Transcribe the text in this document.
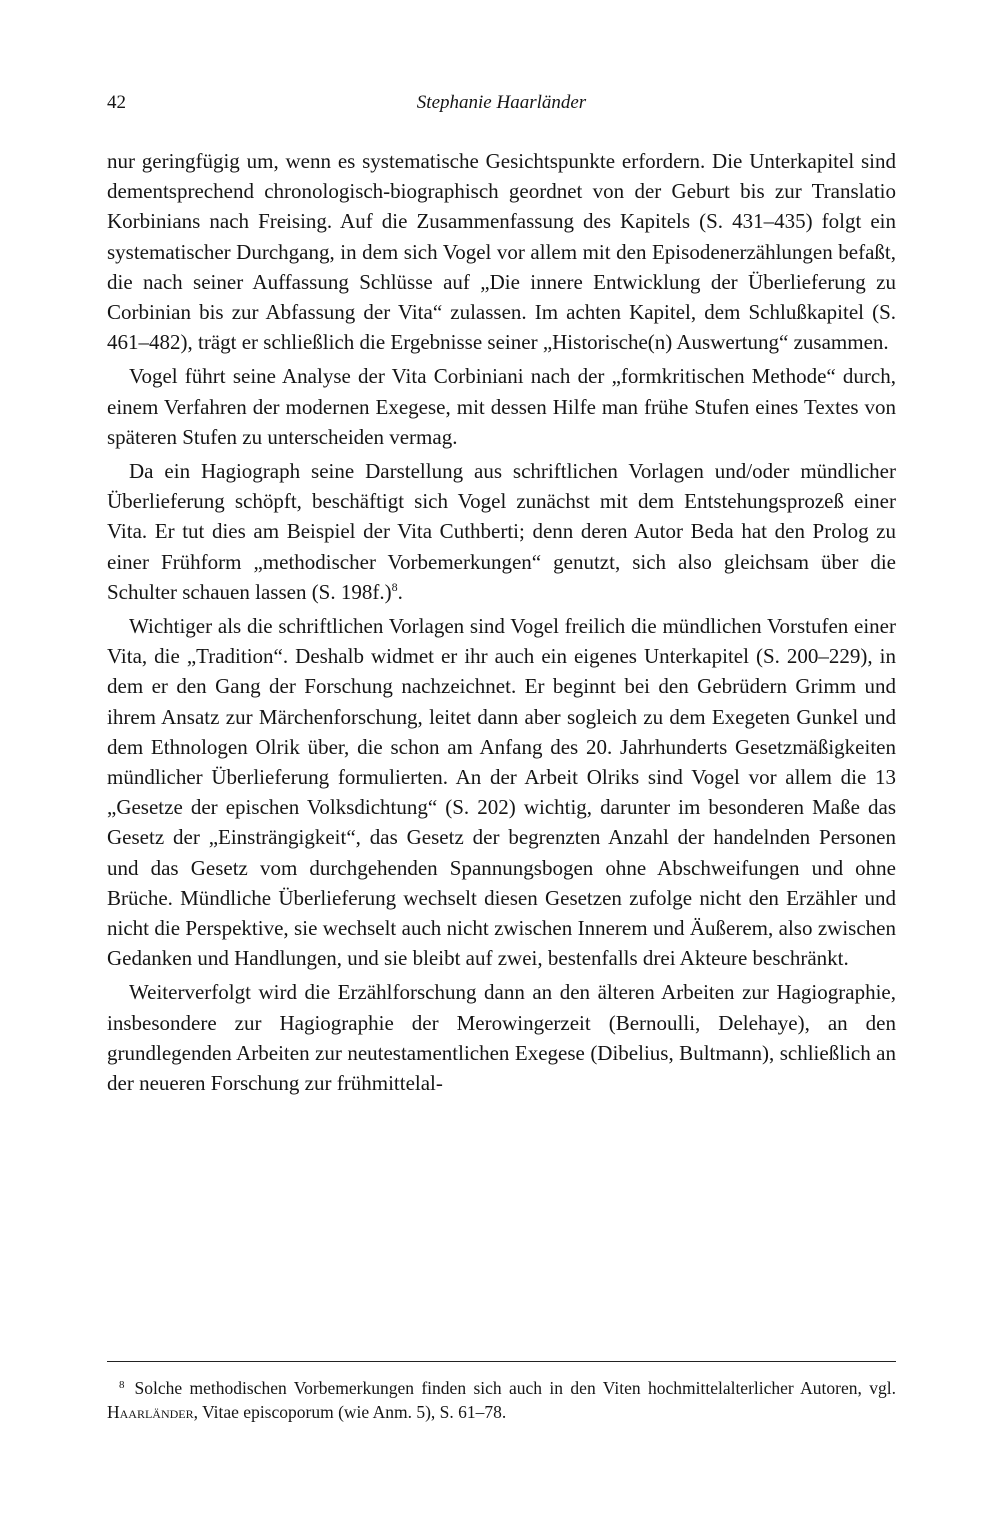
42	Stephanie Haarländer

nur geringfügig um, wenn es systematische Gesichtspunkte erfordern. Die Unterkapitel sind dementsprechend chronologisch-biographisch geordnet von der Geburt bis zur Translatio Korbinians nach Freising. Auf die Zusammenfassung des Kapitels (S. 431–435) folgt ein systematischer Durchgang, in dem sich Vogel vor allem mit den Episodenerzählungen befaßt, die nach seiner Auffassung Schlüsse auf „Die innere Entwicklung der Überlieferung zu Corbinian bis zur Abfassung der Vita“ zulassen. Im achten Kapitel, dem Schlußkapitel (S. 461–482), trägt er schließlich die Ergebnisse seiner „Historische(n) Auswertung“ zusammen.

Vogel führt seine Analyse der Vita Corbiniani nach der „formkritischen Methode“ durch, einem Verfahren der modernen Exegese, mit dessen Hilfe man frühe Stufen eines Textes von späteren Stufen zu unterscheiden vermag.

Da ein Hagiograph seine Darstellung aus schriftlichen Vorlagen und/oder mündlicher Überlieferung schöpft, beschäftigt sich Vogel zunächst mit dem Entstehungsprozeß einer Vita. Er tut dies am Beispiel der Vita Cuthberti; denn deren Autor Beda hat den Prolog zu einer Frühform „methodischer Vorbemerkungen“ genutzt, sich also gleichsam über die Schulter schauen lassen (S. 198f.)$^8$.

Wichtiger als die schriftlichen Vorlagen sind Vogel freilich die mündlichen Vorstufen einer Vita, die „Tradition“. Deshalb widmet er ihr auch ein eigenes Unterkapitel (S. 200–229), in dem er den Gang der Forschung nachzeichnet. Er beginnt bei den Gebrüdern Grimm und ihrem Ansatz zur Märchenforschung, leitet dann aber sogleich zu dem Exegeten Gunkel und dem Ethnologen Olrik über, die schon am Anfang des 20. Jahrhunderts Gesetzmäßigkeiten mündlicher Überlieferung formulierten. An der Arbeit Olriks sind Vogel vor allem die 13 „Gesetze der epischen Volksdichtung“ (S. 202) wichtig, darunter im besonderen Maße das Gesetz der „Einsträngigkeit“, das Gesetz der begrenzten Anzahl der handelnden Personen und das Gesetz vom durchgehenden Spannungsbogen ohne Abschweifungen und ohne Brüche. Mündliche Überlieferung wechselt diesen Gesetzen zufolge nicht den Erzähler und nicht die Perspektive, sie wechselt auch nicht zwischen Innerem und Äußerem, also zwischen Gedanken und Handlungen, und sie bleibt auf zwei, bestenfalls drei Akteure beschränkt.

Weiterverfolgt wird die Erzählforschung dann an den älteren Arbeiten zur Hagiographie, insbesondere zur Hagiographie der Merowingerzeit (Bernoulli, Delehaye), an den grundlegenden Arbeiten zur neutestamentlichen Exegese (Dibelius, Bultmann), schließlich an der neueren Forschung zur frühmittelal-

$^8$ Solche methodischen Vorbemerkungen finden sich auch in den Viten hochmittelalterlicher Autoren, vgl. Haarländer, Vitae episcoporum (wie Anm. 5), S. 61–78.
